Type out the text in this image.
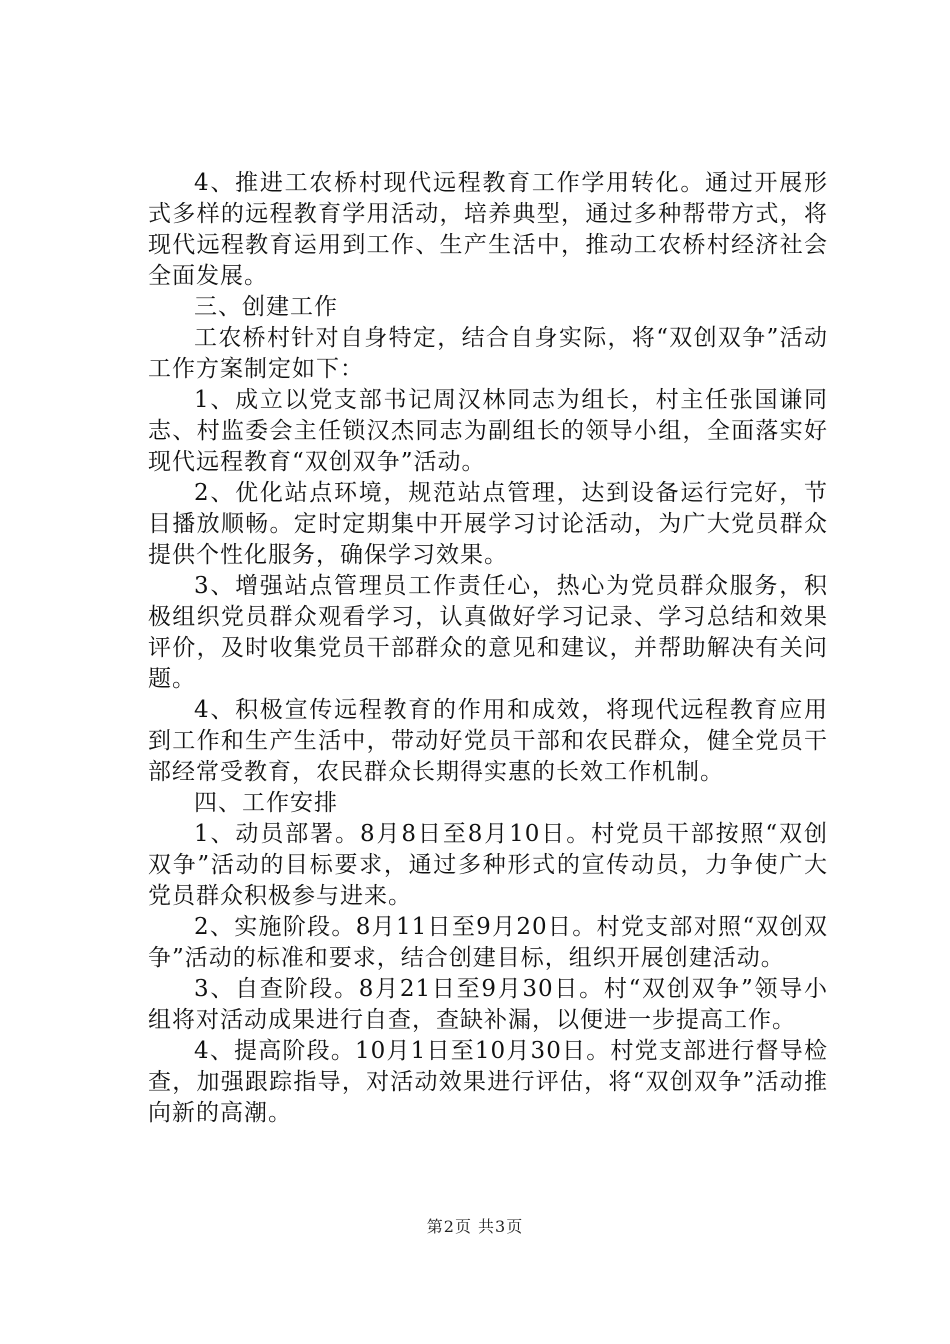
4、推进工农桥村现代远程教育工作学用转化。通过开展形式多样的远程教育学用活动，培养典型，通过多种帮带方式，将现代远程教育运用到工作、生产生活中，推动工农桥村经济社会全面发展。

三、创建工作

工农桥村针对自身特定，结合自身实际，将“双创双争”活动工作方案制定如下：

1、成立以党支部书记周汉林同志为组长，村主任张国谦同志、村监委会主任锁汉杰同志为副组长的领导小组，全面落实好现代远程教育“双创双争”活动。

2、优化站点环境，规范站点管理，达到设备运行完好，节目播放顺畅。定时定期集中开展学习讨论活动，为广大党员群众提供个性化服务，确保学习效果。

3、增强站点管理员工作责任心，热心为党员群众服务，积极组织党员群众观看学习，认真做好学习记录、学习总结和效果评价，及时收集党员干部群众的意见和建议，并帮助解决有关问题。

4、积极宣传远程教育的作用和成效，将现代远程教育应用到工作和生产生活中，带动好党员干部和农民群众，健全党员干部经常受教育，农民群众长期得实惠的长效工作机制。

四、工作安排

1、动员部署。8月8日至8月10日。村党员干部按照“双创双争”活动的目标要求，通过多种形式的宣传动员，力争使广大党员群众积极参与进来。

2、实施阶段。8月11日至9月20日。村党支部对照“双创双争”活动的标准和要求，结合创建目标，组织开展创建活动。

3、自查阶段。8月21日至9月30日。村“双创双争”领导小组将对活动成果进行自查，查缺补漏，以便进一步提高工作。

4、提高阶段。10月1日至10月30日。村党支部进行督导检查，加强跟踪指导，对活动效果进行评估，将“双创双争”活动推向新的高潮。

第2页 共3页
